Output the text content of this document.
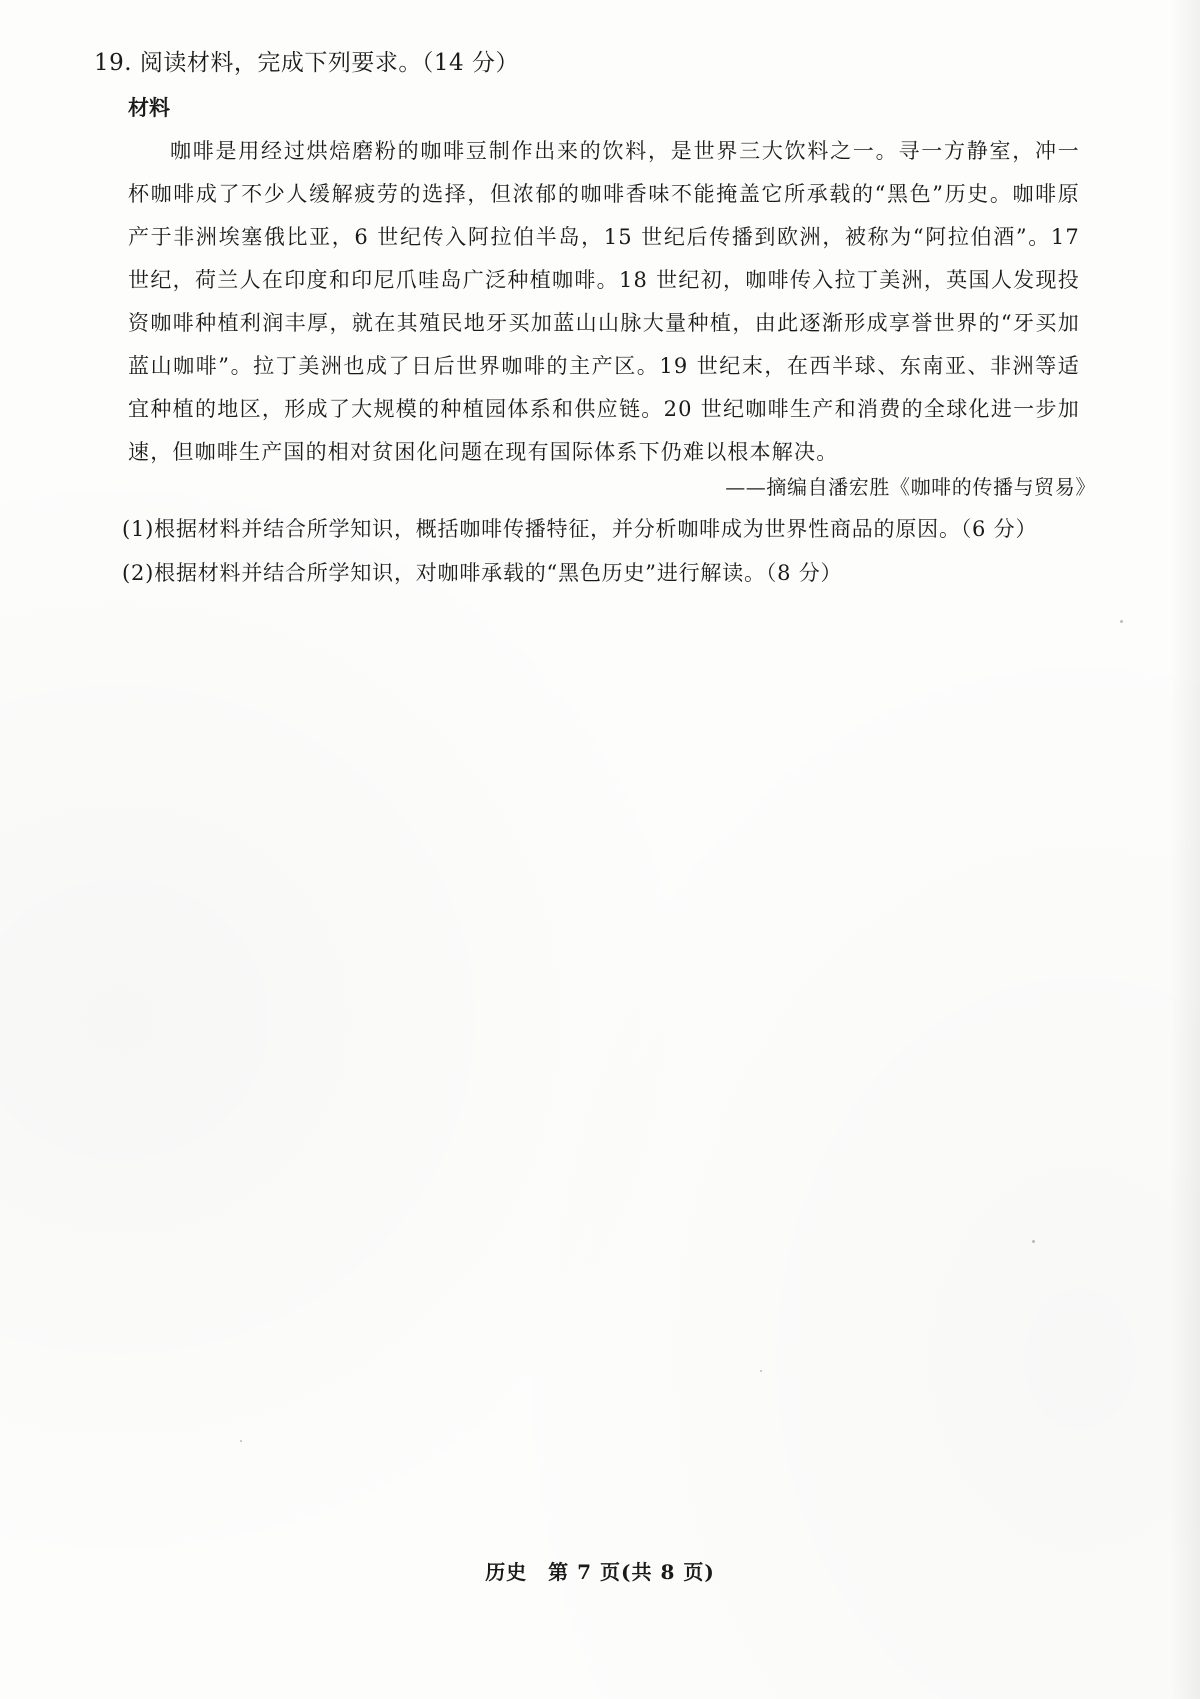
19. 阅读材料，完成下列要求。（14 分）
材料

咖啡是用经过烘焙磨粉的咖啡豆制作出来的饮料，是世界三大饮料之一。寻一方静室，冲一杯咖啡成了不少人缓解疲劳的选择，但浓郁的咖啡香味不能掩盖它所承载的“黑色”历史。咖啡原产于非洲埃塞俄比亚，6 世纪传入阿拉伯半岛，15 世纪后传播到欧洲，被称为“阿拉伯酒”。17 世纪，荷兰人在印度和印尼爪哇岛广泛种植咖啡。18 世纪初，咖啡传入拉丁美洲，英国人发现投资咖啡种植利润丰厚，就在其殖民地牙买加蓝山山脉大量种植，由此逐渐形成享誉世界的“牙买加蓝山咖啡”。拉丁美洲也成了日后世界咖啡的主产区。19 世纪末，在西半球、东南亚、非洲等适宜种植的地区，形成了大规模的种植园体系和供应链。20 世纪咖啡生产和消费的全球化进一步加速，但咖啡生产国的相对贫困化问题在现有国际体系下仍难以根本解决。

——摘编自潘宏胜《咖啡的传播与贸易》
(1)根据材料并结合所学知识，概括咖啡传播特征，并分析咖啡成为世界性商品的原因。（6 分）
(2)根据材料并结合所学知识，对咖啡承载的“黑色历史”进行解读。（8 分）
历史　第 7 页(共 8 页)
